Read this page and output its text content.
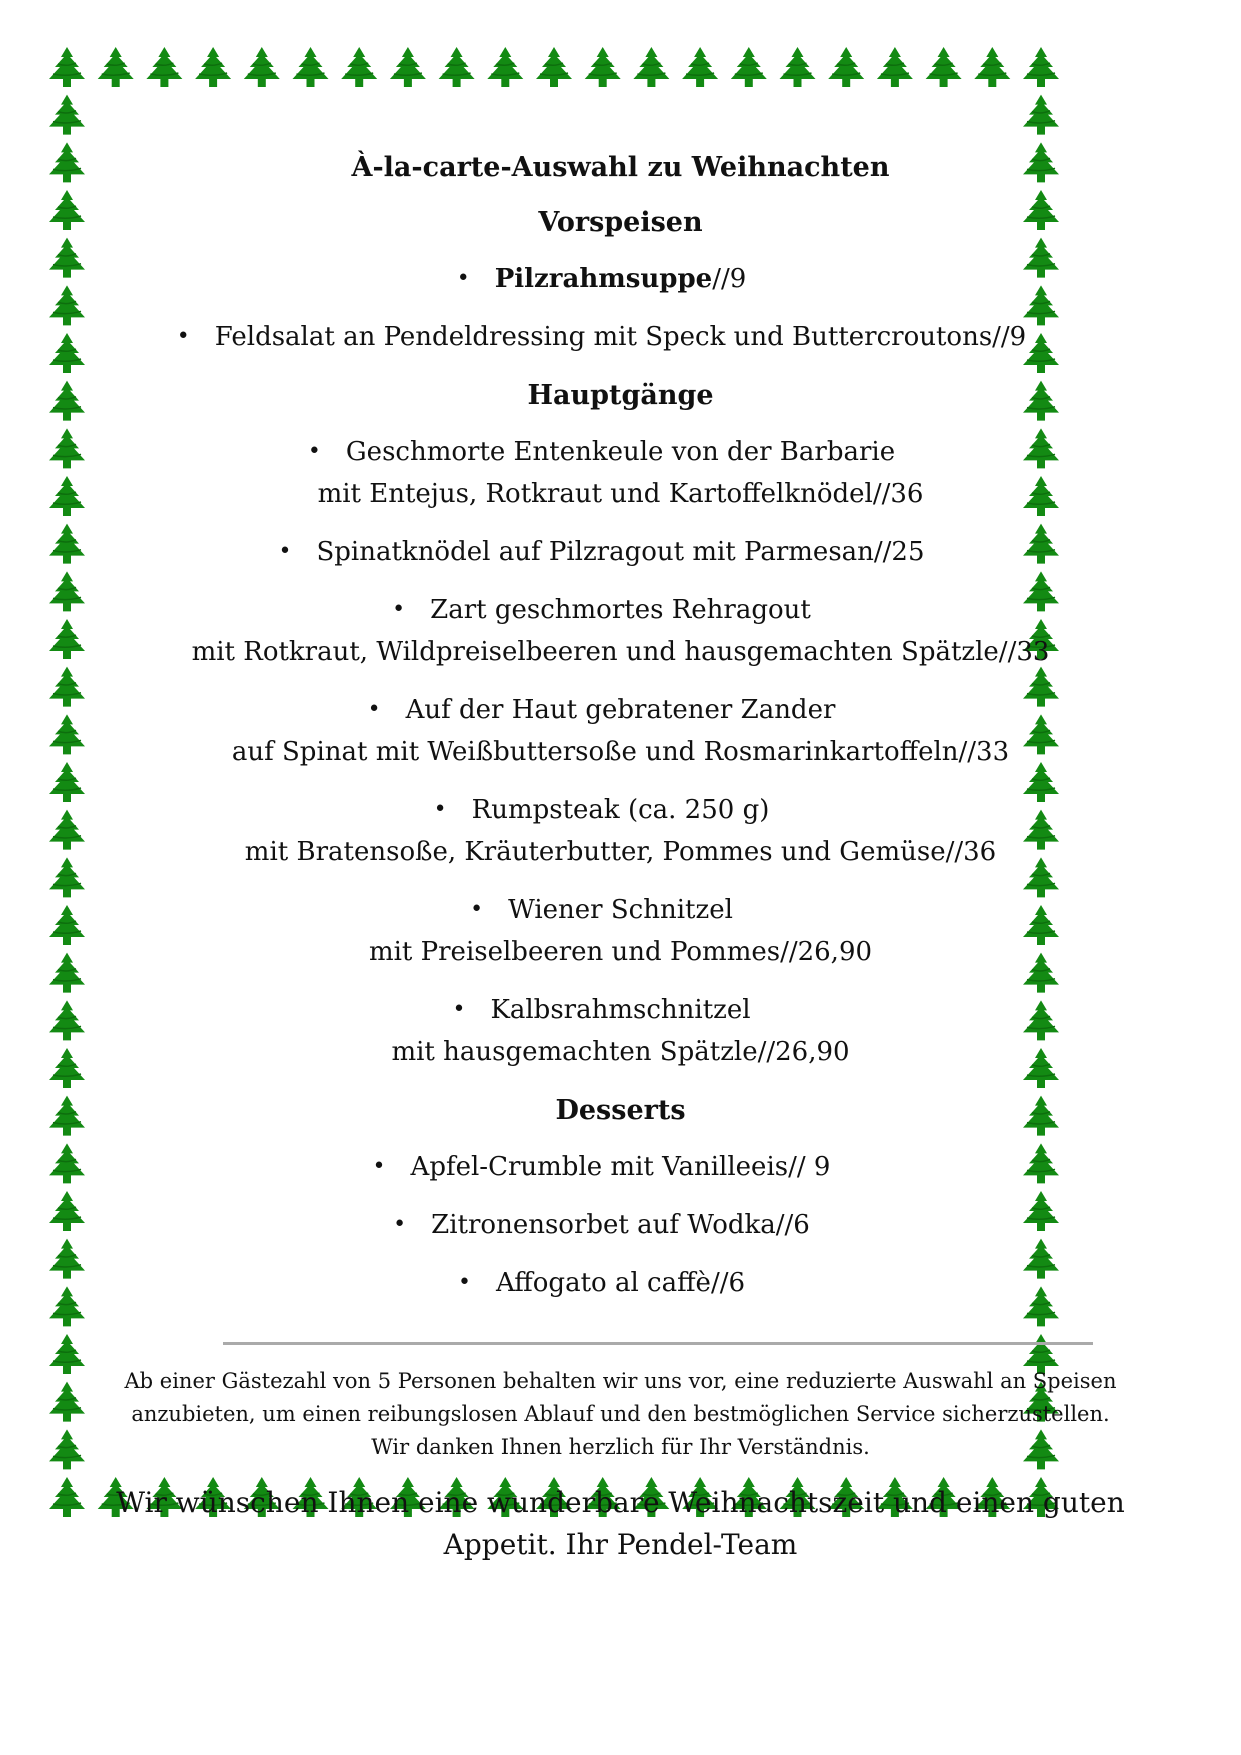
À-la-carte-Auswahl zu Weihnachten
Vorspeisen
• Pilzrahmsuppe//9
• Feldsalat an Pendeldressing mit Speck und Buttercroutons//9
Hauptgänge
• Geschmorte Entenkeule von der Barbarie
mit Entejus, Rotkraut und Kartoffelknödel//36
• Spinatknödel auf Pilzragout mit Parmesan//25
• Zart geschmortes Rehragout
mit Rotkraut, Wildpreiselbeeren und hausgemachten Spätzle//33
• Auf der Haut gebratener Zander
auf Spinat mit Weißbuttersoße und Rosmarinkartoffeln//33
• Rumpsteak (ca. 250 g)
mit Bratensoße, Kräuterbutter, Pommes und Gemüse//36
• Wiener Schnitzel
mit Preiselbeeren und Pommes//26,90
• Kalbsrahmschnitzel
mit hausgemachten Spätzle//26,90
Desserts
• Apfel-Crumble mit Vanilleeis// 9
• Zitronensorbet auf Wodka//6
• Affogato al caffè//6

Ab einer Gästezahl von 5 Personen behalten wir uns vor, eine reduzierte Auswahl an Speisen
anzubieten, um einen reibungslosen Ablauf und den bestmöglichen Service sicherzustellen.
Wir danken Ihnen herzlich für Ihr Verständnis.

Wir wünschen Ihnen eine wunderbare Weihnachtszeit und einen guten
Appetit. Ihr Pendel-Team
